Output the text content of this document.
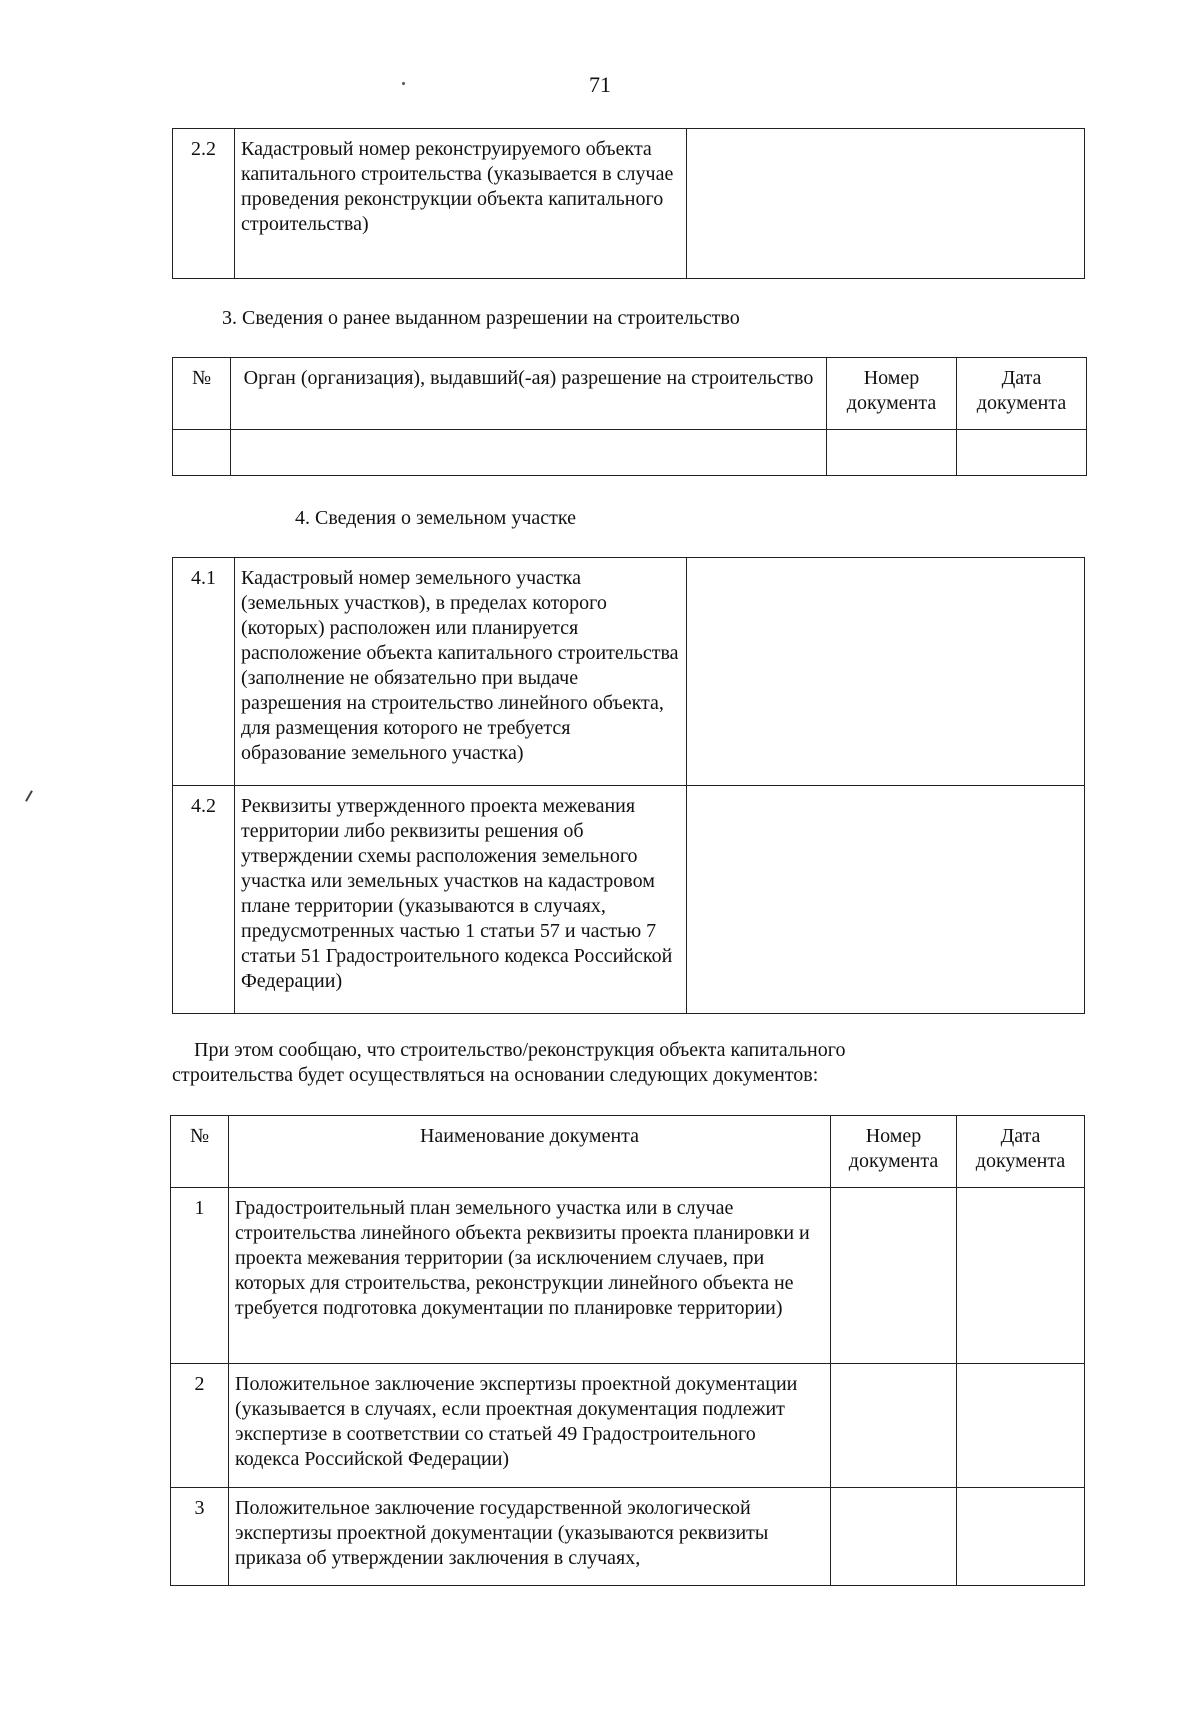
71
2.2	Кадастровый номер реконструируемого объекта капитального строительства (указывается в случае проведения реконструкции объекта капитального строительства)	
3. Сведения о ранее выданном разрешении на строительство
№	Орган (организация), выдавший(-ая) разрешение на строительство	Номер документа	Дата документа

4. Сведения о земельном участке
4.1	Кадастровый номер земельного участка (земельных участков), в пределах которого (которых) расположен или планируется расположение объекта капитального строительства (заполнение не обязательно при выдаче разрешения на строительство линейного объекта, для размещения которого не требуется образование земельного участка)	
4.2	Реквизиты утвержденного проекта межевания территории либо реквизиты решения об утверждении схемы расположения земельного участка или земельных участков на кадастровом плане территории (указываются в случаях, предусмотренных частью 1 статьи 57 и частью 7 статьи 51 Градостроительного кодекса Российской Федерации)	
При этом сообщаю, что строительство/реконструкция объекта капитального строительства будет осуществляться на основании следующих документов:
№	Наименование документа	Номер документа	Дата документа
1	Градостроительный план земельного участка или в случае строительства линейного объекта реквизиты проекта планировки и проекта межевания территории (за исключением случаев, при которых для строительства, реконструкции линейного объекта не требуется подготовка документации по планировке территории)		
2	Положительное заключение экспертизы проектной документации (указывается в случаях, если проектная документация подлежит экспертизе в соответствии со статьей 49 Градостроительного кодекса Российской Федерации)		
3	Положительное заключение государственной экологической экспертизы проектной документации (указываются реквизиты приказа об утверждении заключения в случаях,		
